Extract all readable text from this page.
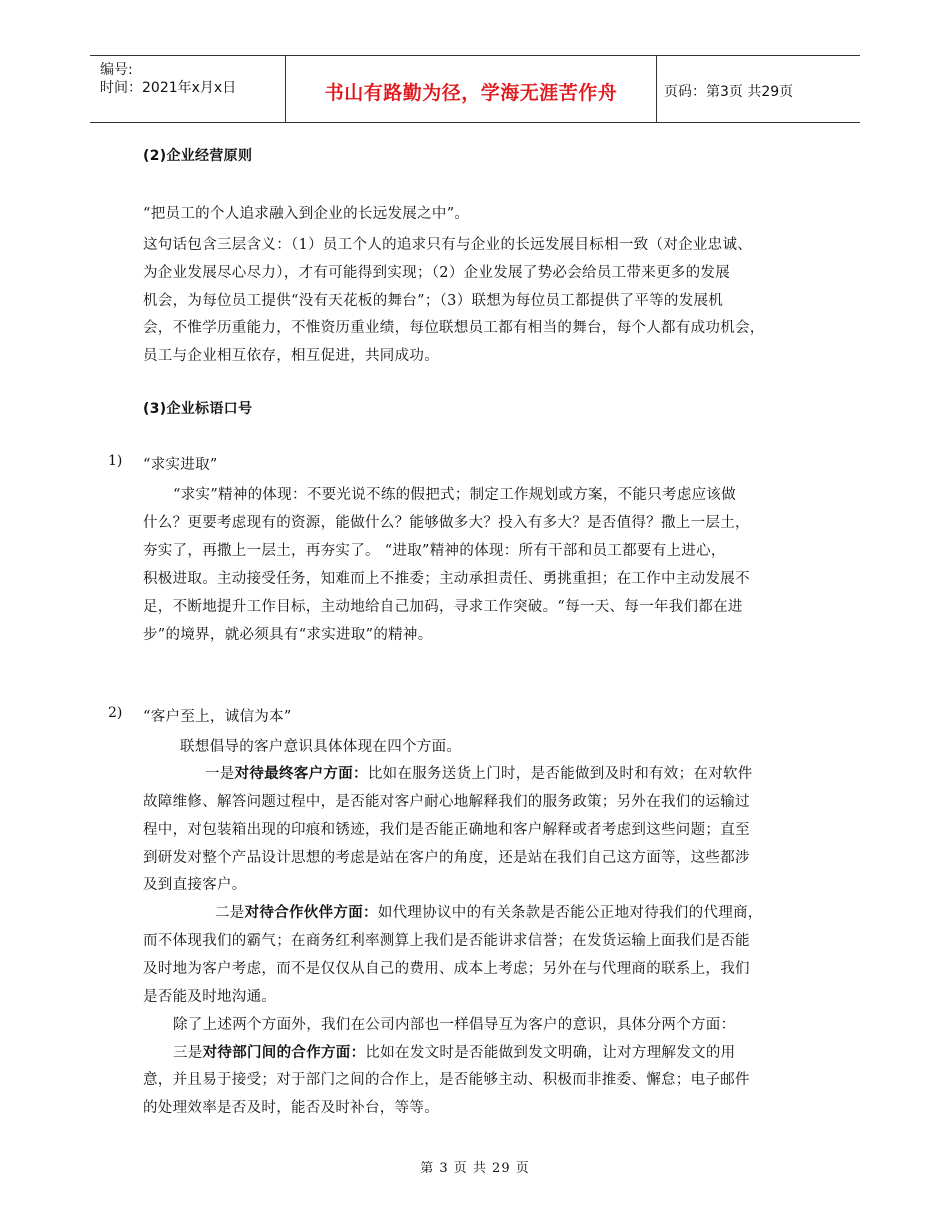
编号:
时间：2021年x月x日	书山有路勤为径，学海无涯苦作舟	页码：第3页 共29页
(2)企业经营原则
“把员工的个人追求融入到企业的长远发展之中”。
这句话包含三层含义：（1）员工个人的追求只有与企业的长远发展目标相一致（对企业忠诚、
为企业发展尽心尽力），才有可能得到实现；（2）企业发展了势必会给员工带来更多的发展
机会，为每位员工提供“没有天花板的舞台”；（3）联想为每位员工都提供了平等的发展机
会，不惟学历重能力，不惟资历重业绩，每位联想员工都有相当的舞台，每个人都有成功机会，
员工与企业相互依存，相互促进，共同成功。
(3)企业标语口号
1) “求实进取”
“求实”精神的体现：不要光说不练的假把式；制定工作规划或方案，不能只考虑应该做
什么？更要考虑现有的资源，能做什么？能够做多大？投入有多大？是否值得？撒上一层土，
夯实了，再撒上一层土，再夯实了。 “进取”精神的体现：所有干部和员工都要有上进心，
积极进取。主动接受任务，知难而上不推委；主动承担责任、勇挑重担；在工作中主动发展不
足，不断地提升工作目标，主动地给自己加码，寻求工作突破。“每一天、每一年我们都在进
步”的境界，就必须具有“求实进取”的精神。
2) “客户至上，诚信为本”
联想倡导的客户意识具体体现在四个方面。
一是对待最终客户方面：比如在服务送货上门时，是否能做到及时和有效；在对软件
故障维修、解答问题过程中，是否能对客户耐心地解释我们的服务政策；另外在我们的运输过
程中，对包装箱出现的印痕和锈迹，我们是否能正确地和客户解释或者考虑到这些问题；直至
到研发对整个产品设计思想的考虑是站在客户的角度，还是站在我们自己这方面等，这些都涉
及到直接客户。
二是对待合作伙伴方面：如代理协议中的有关条款是否能公正地对待我们的代理商，
而不体现我们的霸气；在商务红利率测算上我们是否能讲求信誉；在发货运输上面我们是否能
及时地为客户考虑，而不是仅仅从自己的费用、成本上考虑；另外在与代理商的联系上，我们
是否能及时地沟通。
除了上述两个方面外，我们在公司内部也一样倡导互为客户的意识，具体分两个方面：
三是对待部门间的合作方面：比如在发文时是否能做到发文明确，让对方理解发文的用
意，并且易于接受；对于部门之间的合作上，是否能够主动、积极而非推委、懈怠；电子邮件
的处理效率是否及时，能否及时补台，等等。
第 3 页 共 29 页
